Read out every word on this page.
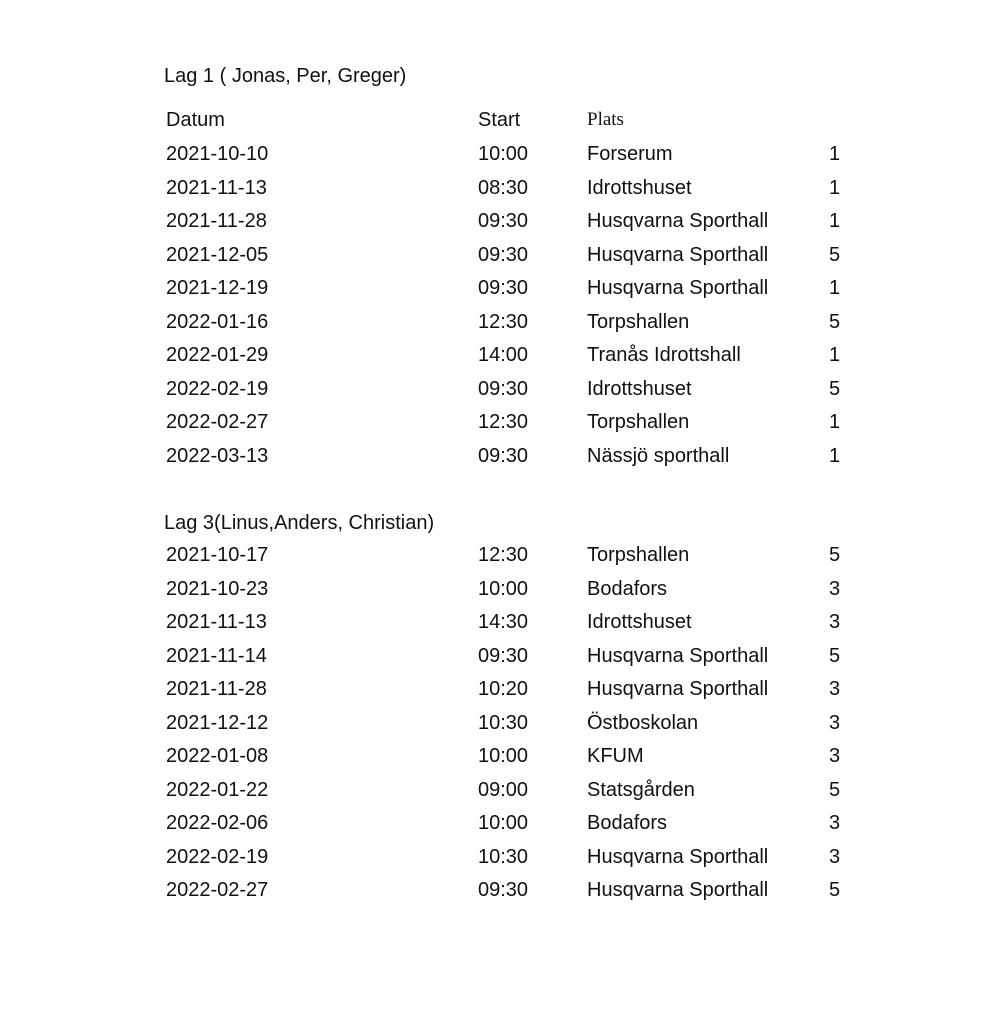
Lag 1 ( Jonas, Per, Greger)
Datum	Start	Plats
2021-10-10	10:00	Forserum	1
2021-11-13	08:30	Idrottshuset	1
2021-11-28	09:30	Husqvarna Sporthall	1
2021-12-05	09:30	Husqvarna Sporthall	5
2021-12-19	09:30	Husqvarna Sporthall	1
2022-01-16	12:30	Torpshallen	5
2022-01-29	14:00	Tranås Idrottshall	1
2022-02-19	09:30	Idrottshuset	5
2022-02-27	12:30	Torpshallen	1
2022-03-13	09:30	Nässjö sporthall	1
Lag 3(Linus,Anders, Christian)
2021-10-17	12:30	Torpshallen	5
2021-10-23	10:00	Bodafors	3
2021-11-13	14:30	Idrottshuset	3
2021-11-14	09:30	Husqvarna Sporthall	5
2021-11-28	10:20	Husqvarna Sporthall	3
2021-12-12	10:30	Östboskolan	3
2022-01-08	10:00	KFUM	3
2022-01-22	09:00	Statsgården	5
2022-02-06	10:00	Bodafors	3
2022-02-19	10:30	Husqvarna Sporthall	3
2022-02-27	09:30	Husqvarna Sporthall	5
